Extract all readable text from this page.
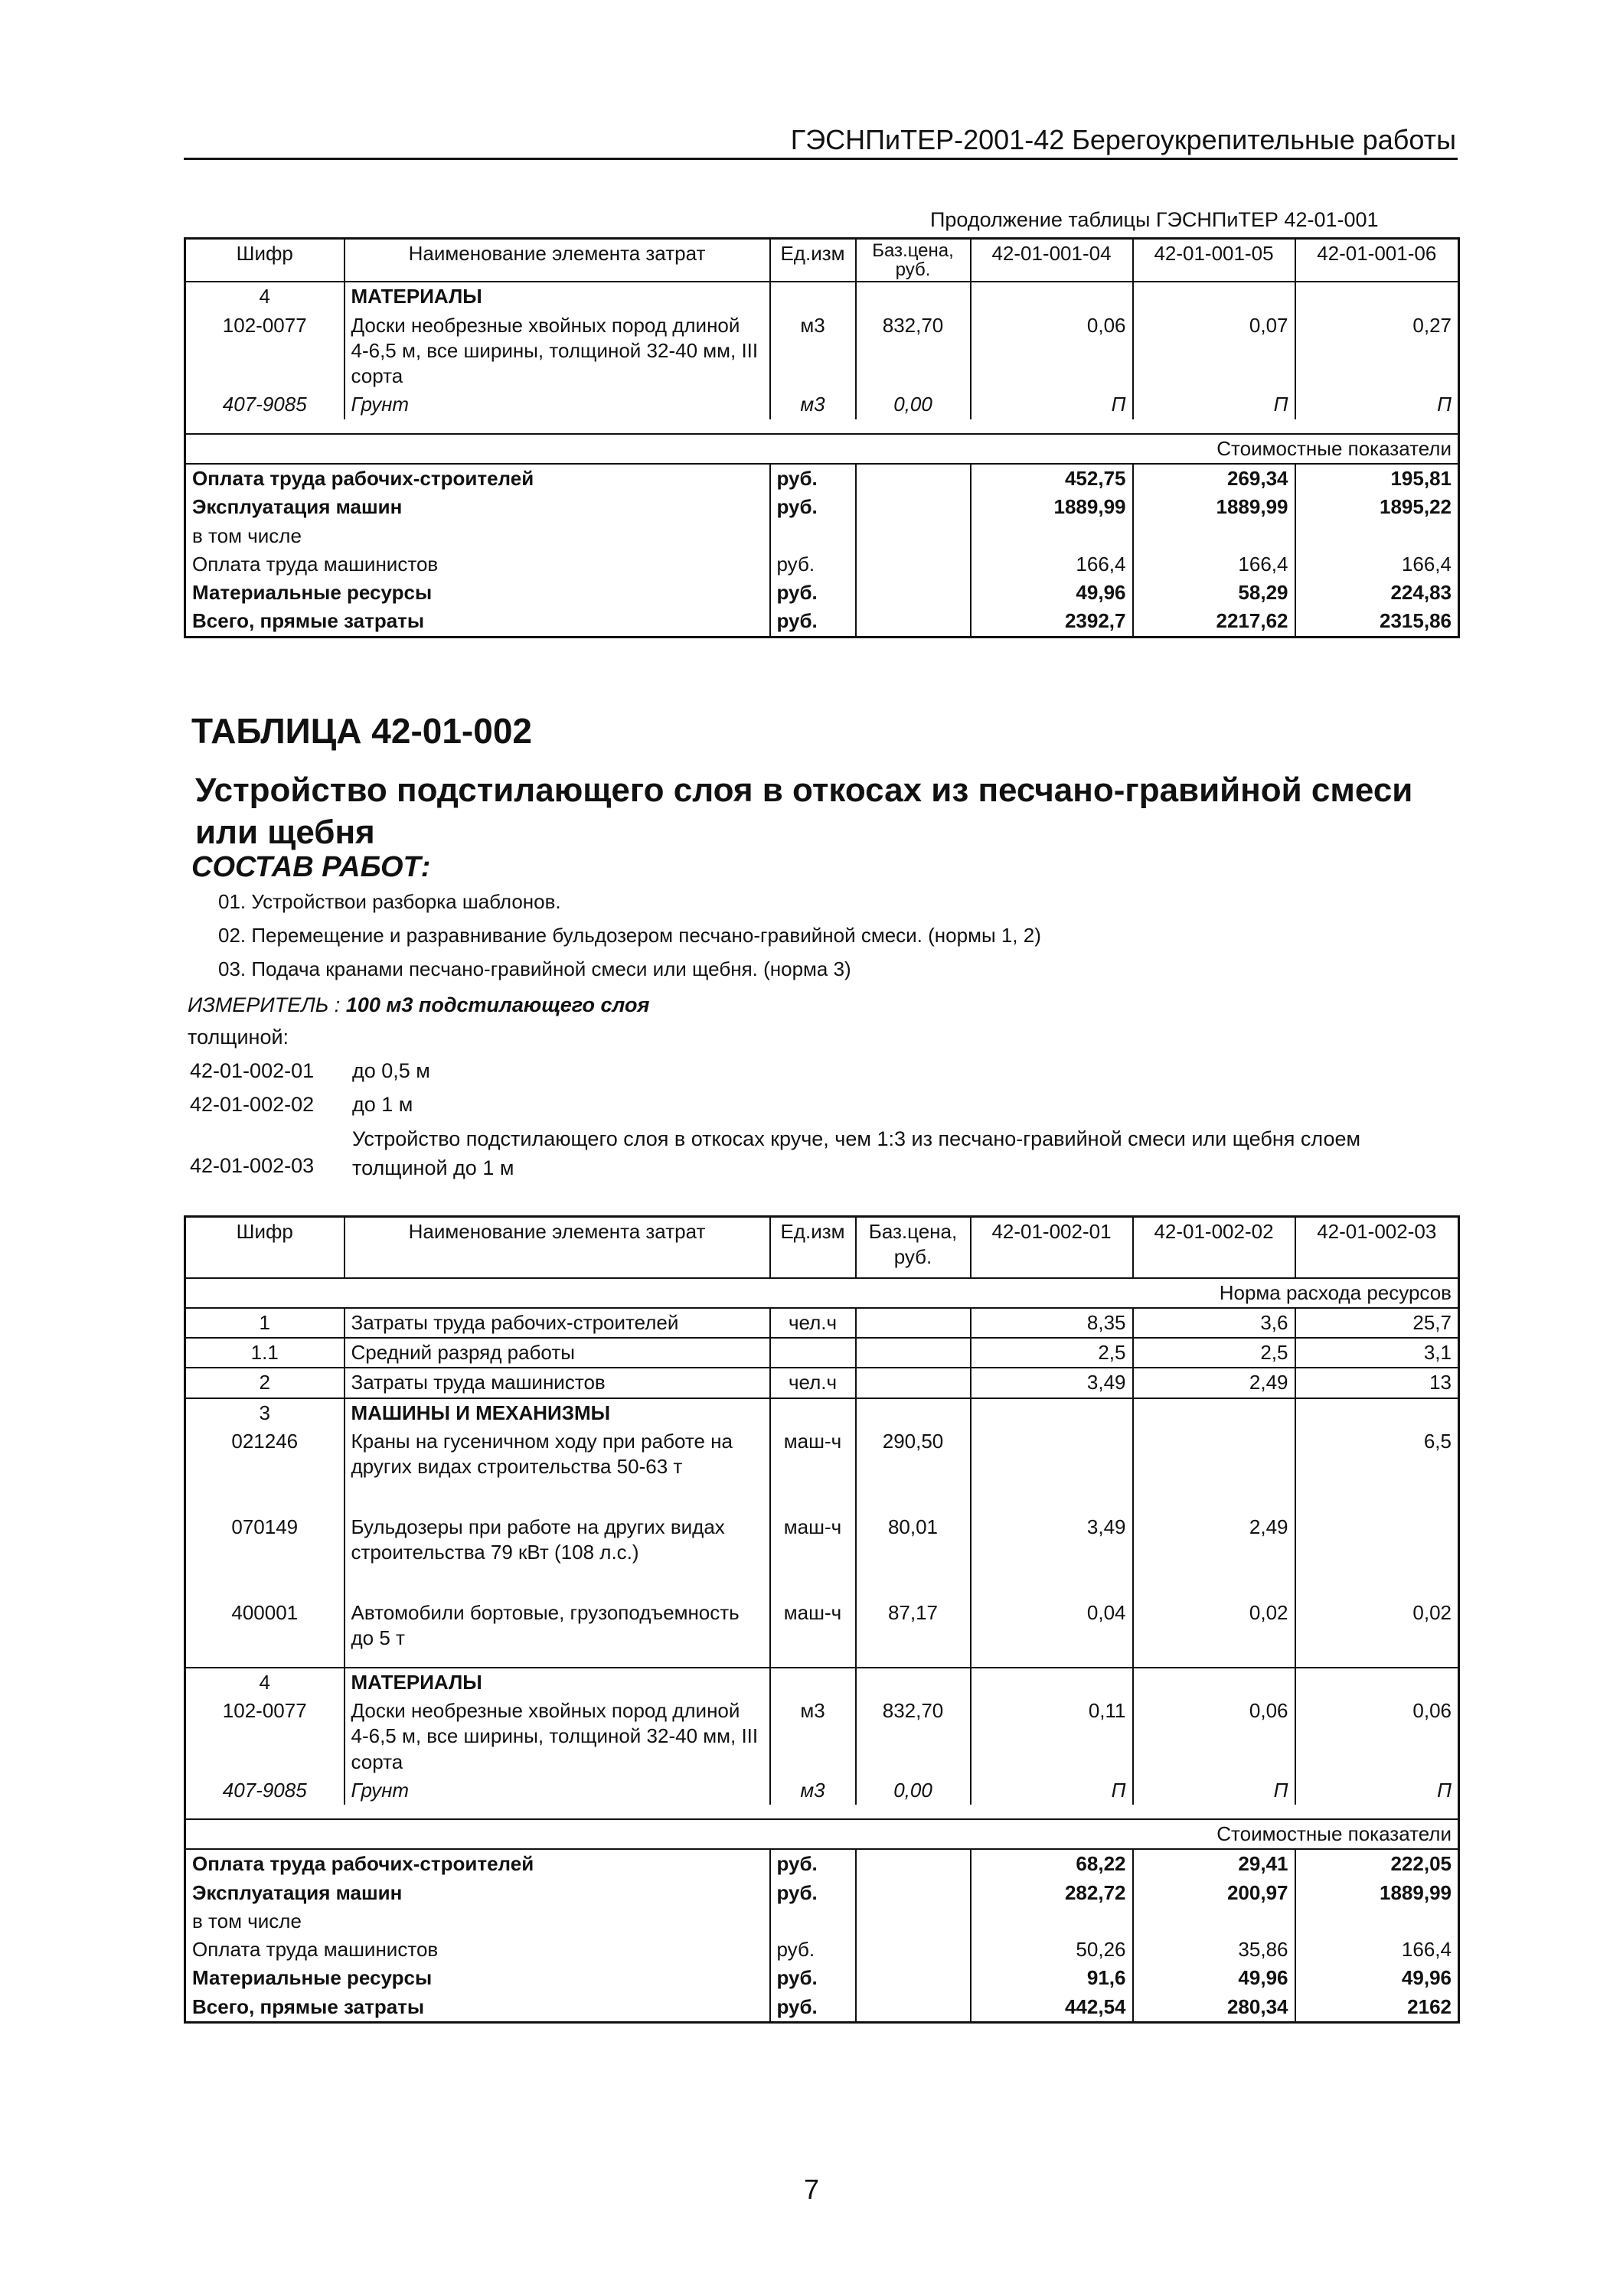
ГЭСНПиТЕР-2001-42 Берегоукрепительные работы
Продолжение таблицы ГЭСНПиТЕР 42-01-001
Шифр	Наименование элемента затрат	Ед.изм	Баз.цена, руб.	42-01-001-04	42-01-001-05	42-01-001-06
4	МАТЕРИАЛЫ					
102-0077	Доски необрезные хвойных пород длиной 4-6,5 м, все ширины, толщиной 32-40 мм, III сорта	м3	832,70	0,06	0,07	0,27
407-9085	Грунт	м3	0,00	П	П	П

Стоимостные показатели						
Оплата труда рабочих-строителей		руб.		452,75	269,34	195,81
Эксплуатация машин		руб.		1889,99	1889,99	1895,22
в том числе						
Оплата труда машинистов		руб.		166,4	166,4	166,4
Материальные ресурсы		руб.		49,96	58,29	224,83
Всего, прямые затраты		руб.		2392,7	2217,62	2315,86
ТАБЛИЦА 42-01-002
Устройство подстилающего слоя в откосах из песчано-гравийной смеси или щебня
СОСТАВ РАБОТ:
01. Устройствои разборка шаблонов.
02. Перемещение и разравнивание бульдозером песчано-гравийной смеси. (нормы 1, 2)
03. Подача кранами песчано-гравийной смеси или щебня. (норма 3)
ИЗМЕРИТЕЛЬ : 100 м3 подстилающего слоя
толщиной:
42-01-002-01 до 0,5 м
42-01-002-02 до 1 м
42-01-002-03
Устройство подстилающего слоя в откосах круче, чем 1:3 из песчано-гравийной смеси или щебня слоем толщиной до 1 м
Шифр	Наименование элемента затрат	Ед.изм	Баз.цена, руб.	42-01-002-01	42-01-002-02	42-01-002-03
Норма расхода ресурсов						
1	Затраты труда рабочих-строителей	чел.ч		8,35	3,6	25,7
1.1	Средний разряд работы			2,5	2,5	3,1
2	Затраты труда машинистов	чел.ч		3,49	2,49	13
3	МАШИНЫ И МЕХАНИЗМЫ					
021246	Краны на гусеничном ходу при работе на других видах строительства 50-63 т	маш-ч	290,50			6,5
070149	Бульдозеры при работе на других видах строительства 79 кВт (108 л.с.)	маш-ч	80,01	3,49	2,49	
400001	Автомобили бортовые, грузоподъемность до 5 т	маш-ч	87,17	0,04	0,02	0,02
4	МАТЕРИАЛЫ					
102-0077	Доски необрезные хвойных пород длиной 4-6,5 м, все ширины, толщиной 32-40 мм, III сорта	м3	832,70	0,11	0,06	0,06
407-9085	Грунт	м3	0,00	П	П	П

Стоимостные показатели						
Оплата труда рабочих-строителей		руб.		68,22	29,41	222,05
Эксплуатация машин		руб.		282,72	200,97	1889,99
в том числе						
Оплата труда машинистов		руб.		50,26	35,86	166,4
Материальные ресурсы		руб.		91,6	49,96	49,96
Всего, прямые затраты		руб.		442,54	280,34	2162
7
